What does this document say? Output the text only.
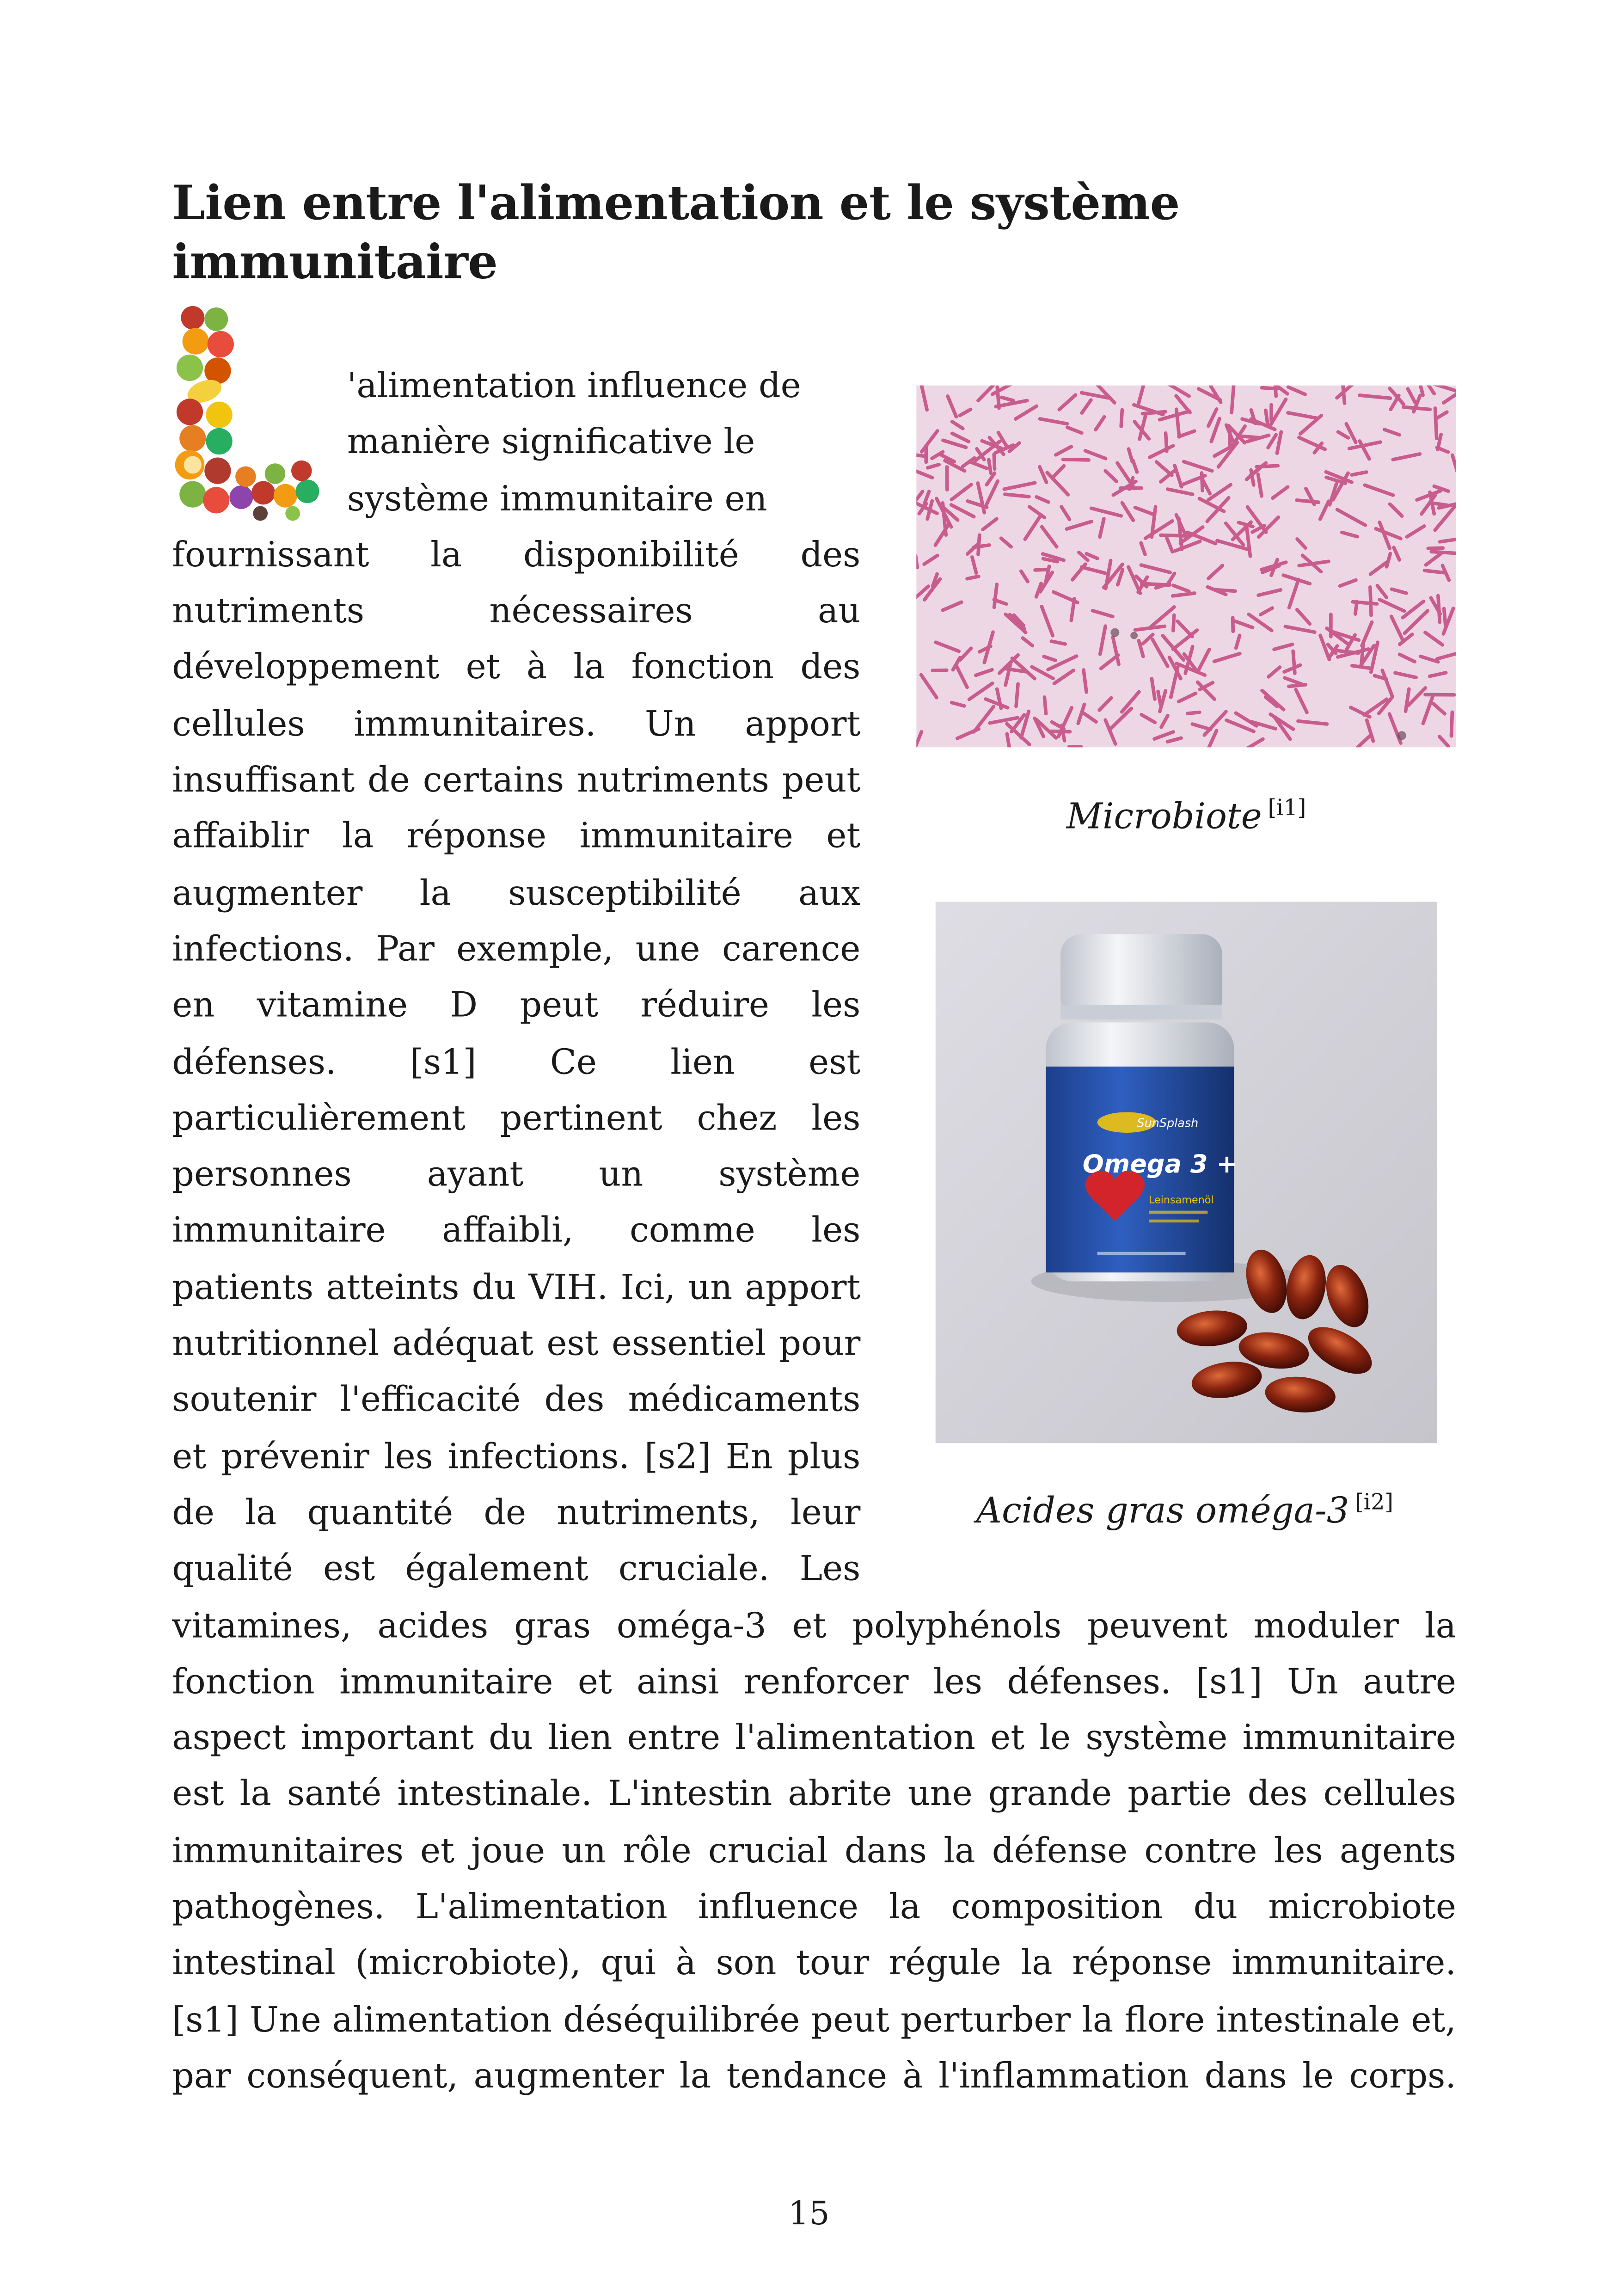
Lien entre l'alimentation et le système immunitaire
'alimentation influence de
manière significative le
système immunitaire en
fournissant la disponibilité des
nutriments nécessaires au
développement et à la fonction des
cellules immunitaires. Un apport
insuffisant de certains nutriments peut
affaiblir la réponse immunitaire et
augmenter la susceptibilité aux
infections. Par exemple, une carence
en vitamine D peut réduire les
défenses. [s1] Ce lien est
particulièrement pertinent chez les
personnes ayant un système
immunitaire affaibli, comme les
patients atteints du VIH. Ici, un apport
nutritionnel adéquat est essentiel pour
soutenir l'efficacité des médicaments
et prévenir les infections. [s2] En plus
de la quantité de nutriments, leur
qualité est également cruciale. Les
vitamines, acides gras oméga-3 et polyphénols peuvent moduler la
fonction immunitaire et ainsi renforcer les défenses. [s1] Un autre
aspect important du lien entre l'alimentation et le système immunitaire
est la santé intestinale. L'intestin abrite une grande partie des cellules
immunitaires et joue un rôle crucial dans la défense contre les agents
pathogènes. L'alimentation influence la composition du microbiote
intestinal (microbiote), qui à son tour régule la réponse immunitaire.
[s1] Une alimentation déséquilibrée peut perturber la flore intestinale et,
par conséquent, augmenter la tendance à l'inflammation dans le corps.
Microbiote [i1]
SunSplash
Omega 3 +
Leinsamenöl
Acides gras oméga-3 [i2]
15
